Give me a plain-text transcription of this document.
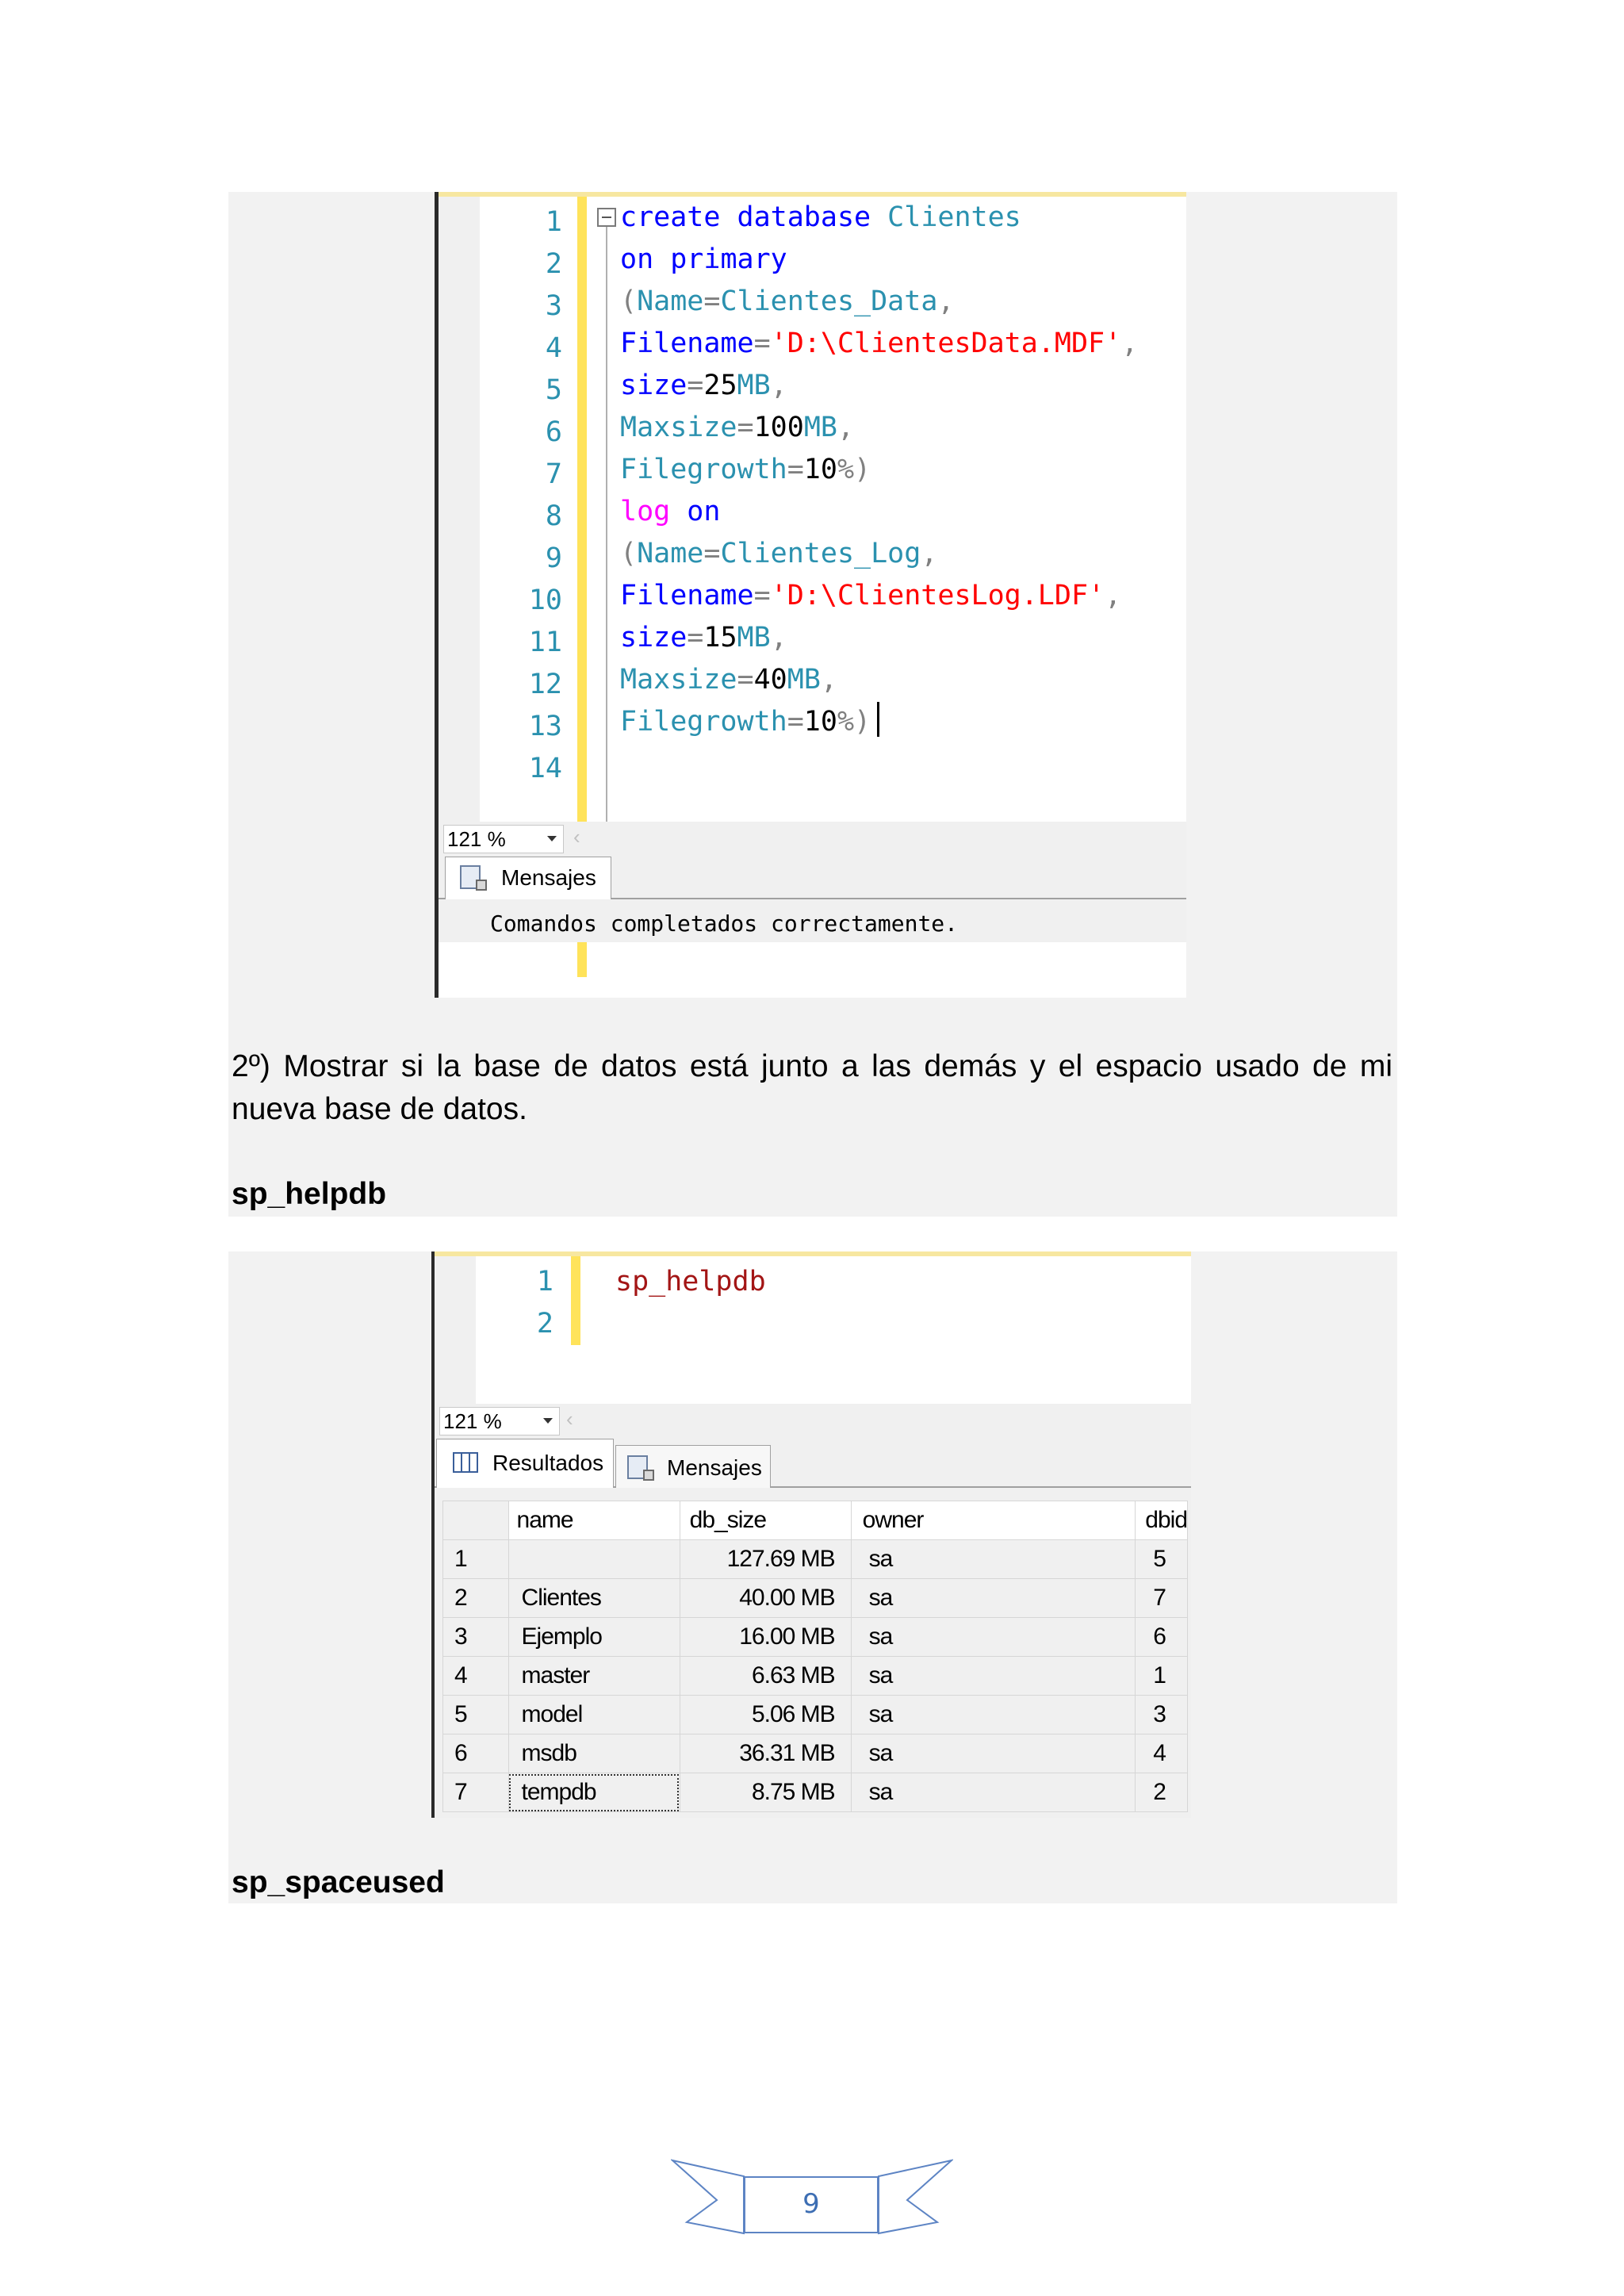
1
2
3
4
5
6
7
8
9
10
11
12
13
14
create database Clientes
on primary
(Name=Clientes_Data,
Filename='D:\ClientesData.MDF',
size=25MB,
Maxsize=100MB,
Filegrowth=10%)
log on
(Name=Clientes_Log,
Filename='D:\ClientesLog.LDF',
size=15MB,
Maxsize=40MB,
Filegrowth=10%)
121 %	‹
Mensajes
Comandos completados correctamente.
2º) Mostrar si la base de datos está junto a las demás y el espacio usado de mi nueva base de datos.
sp_helpdb
1
2
sp_helpdb
121 %	‹
Resultados	Mensajes
	name	db_size	owner	dbid
1		127.69 MB	sa	5
2	Clientes	40.00 MB	sa	7
3	Ejemplo	16.00 MB	sa	6
4	master	6.63 MB	sa	1
5	model	5.06 MB	sa	3
6	msdb	36.31 MB	sa	4
7	tempdb	8.75 MB	sa	2
sp_spaceused
9
